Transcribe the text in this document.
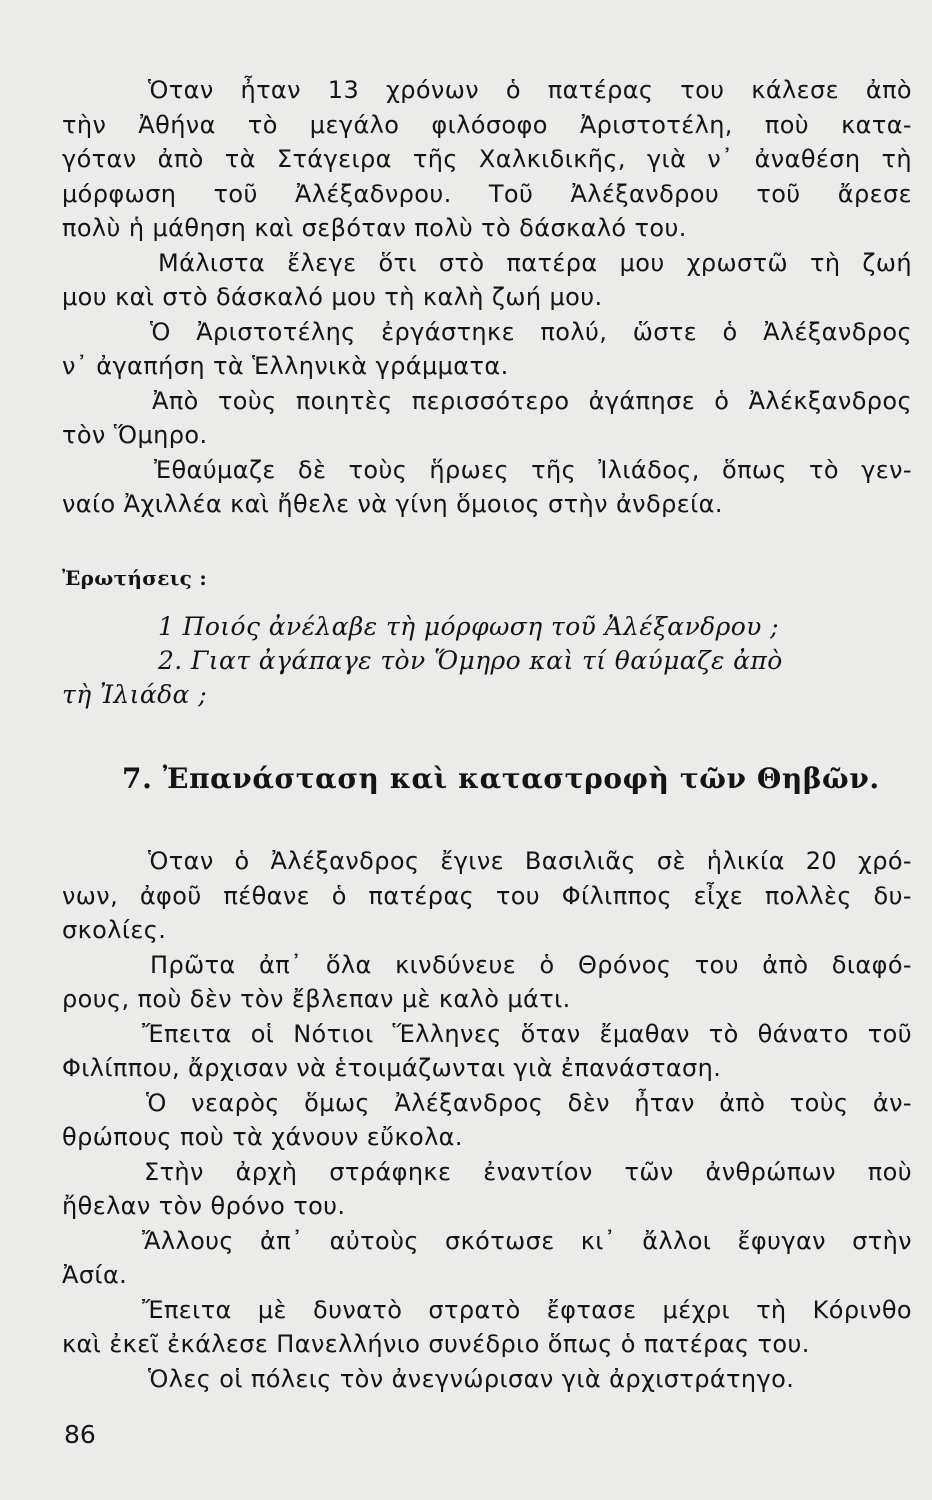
Ὁταν ἦταν 13 χρόνων ὁ πατέρας του κάλεσε ἀπὸ
τὴν Ἀθήνα τὸ μεγάλο φιλόσοφο Ἀριστοτέλη, ποὺ κατα-
γόταν ἀπὸ τὰ Στάγειρα τῆς Χαλκιδικῆς, γιὰ ν᾽ ἀναθέση τὴ
μόρφωση τοῦ Ἀλέξαδνρου. Τοῦ Ἀλέξανδρου τοῦ ἄρεσε
πολὺ ἡ μάθηση καὶ σεβόταν πολὺ τὸ δάσκαλό του.
Μάλιστα ἔλεγε ὅτι στὸ πατέρα μου χρωστῶ τὴ ζωή
μου καὶ στὸ δάσκαλό μου τὴ καλὴ ζωή μου.
Ὁ Ἀριστοτέλης ἐργάστηκε πολύ, ὥστε ὁ Ἀλέξανδρος
ν᾽ ἀγαπήση τὰ Ἑλληνικὰ γράμματα.
Ἀπὸ τοὺς ποιητὲς περισσότερο ἀγάπησε ὁ Ἀλέκξανδρος
τὸν Ὅμηρο.
Ἐθαύμαζε δὲ τοὺς ἥρωες τῆς Ἰλιάδος, ὅπως τὸ γεν-
ναίο Ἀχιλλέα καὶ ἤθελε νὰ γίνη ὅμοιος στὴν ἀνδρεία.
Ἐρωτήσεις :
1 Ποιός ἀνέλαβε τὴ μόρφωση τοῦ Ἀλέξανδρου ;
2. Γιατ ἀγάπαγε τὸν Ὅμηρο καὶ τί θαύμαζε ἀπὸ
τὴ Ἰλιάδα ;
7. Ἐπανάσταση καὶ καταστροφὴ τῶν Θηβῶν.
Ὁταν ὁ Ἀλέξανδρος ἔγινε Βασιλιᾶς σὲ ἡλικία 20 χρό-
νων, ἀφοῦ πέθανε ὁ πατέρας του Φίλιππος εἶχε πολλὲς δυ-
σκολίες.
Πρῶτα ἀπ᾽ ὅλα κινδύνευε ὁ Θρόνος του ἀπὸ διαφό-
ρους, ποὺ δὲν τὸν ἔβλεπαν μὲ καλὸ μάτι.
Ἔπειτα οἱ Νότιοι Ἕλληνες ὅταν ἔμαθαν τὸ θάνατο τοῦ
Φιλίππου, ἄρχισαν νὰ ἑτοιμάζωνται γιὰ ἐπανάσταση.
Ὁ νεαρὸς ὅμως Ἀλέξανδρος δὲν ἦταν ἀπὸ τοὺς ἀν-
θρώπους ποὺ τὰ χάνουν εὔκολα.
Στὴν ἀρχὴ στράφηκε ἐναντίον τῶν ἀνθρώπων ποὺ
ἤθελαν τὸν θρόνο του.
Ἄλλους ἀπ᾽ αὐτοὺς σκότωσε κι᾽ ἄλλοι ἔφυγαν στὴν
Ἀσία.
Ἔπειτα μὲ δυνατὸ στρατὸ ἔφτασε μέχρι τὴ Κόρινθο
καὶ ἐκεῖ ἐκάλεσε Πανελλήνιο συνέδριο ὅπως ὁ πατέρας του.
Ὁλες οἱ πόλεις τὸν ἀνεγνώρισαν γιὰ ἀρχιστράτηγο.
86
